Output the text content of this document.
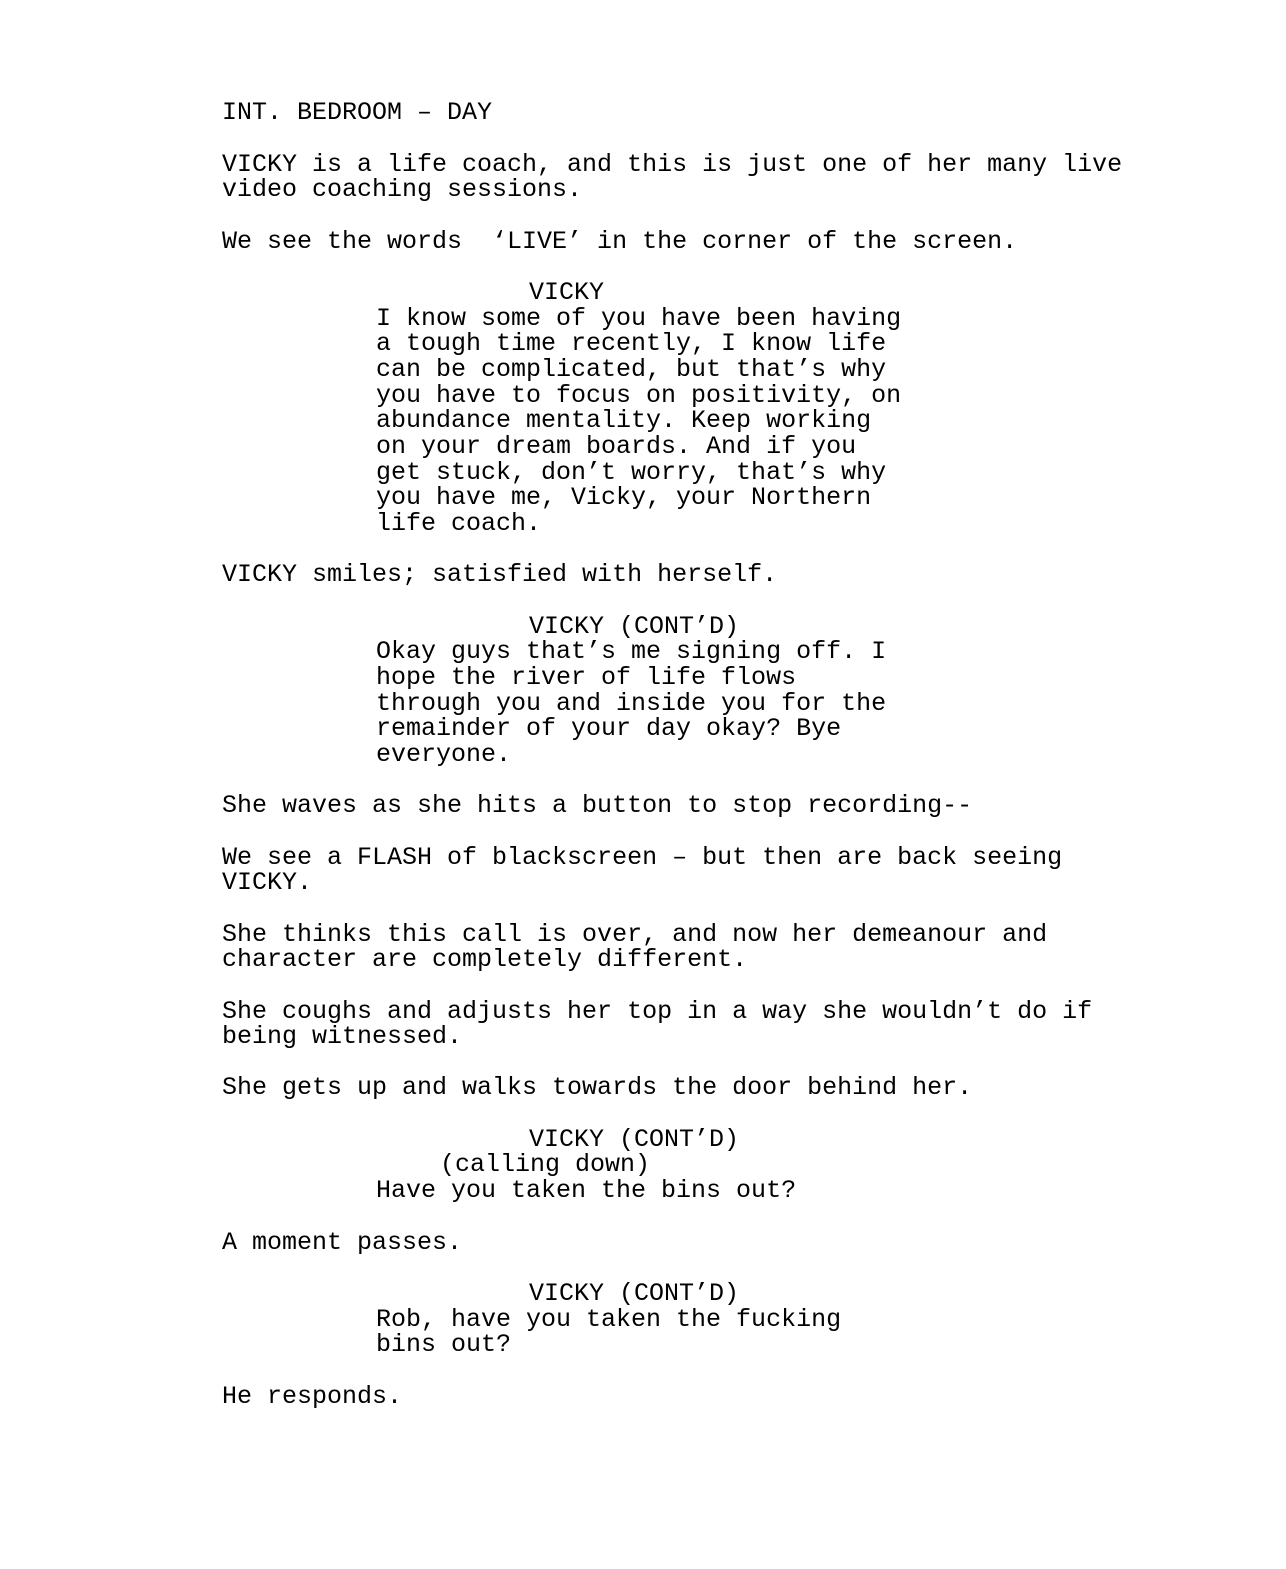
INT. BEDROOM – DAY
VICKY is a life coach, and this is just one of her many live
video coaching sessions.
We see the words  ‘LIVE’ in the corner of the screen.
VICKY
I know some of you have been having
a tough time recently, I know life
can be complicated, but that’s why
you have to focus on positivity, on
abundance mentality. Keep working
on your dream boards. And if you
get stuck, don’t worry, that’s why
you have me, Vicky, your Northern
life coach.
VICKY smiles; satisfied with herself.
VICKY (CONT’D)
Okay guys that’s me signing off. I
hope the river of life flows
through you and inside you for the
remainder of your day okay? Bye
everyone.
She waves as she hits a button to stop recording--
We see a FLASH of blackscreen – but then are back seeing
VICKY.
She thinks this call is over, and now her demeanour and
character are completely different.
She coughs and adjusts her top in a way she wouldn’t do if
being witnessed.
She gets up and walks towards the door behind her.
VICKY (CONT’D)
(calling down)
Have you taken the bins out?
A moment passes.
VICKY (CONT’D)
Rob, have you taken the fucking
bins out?
He responds.
